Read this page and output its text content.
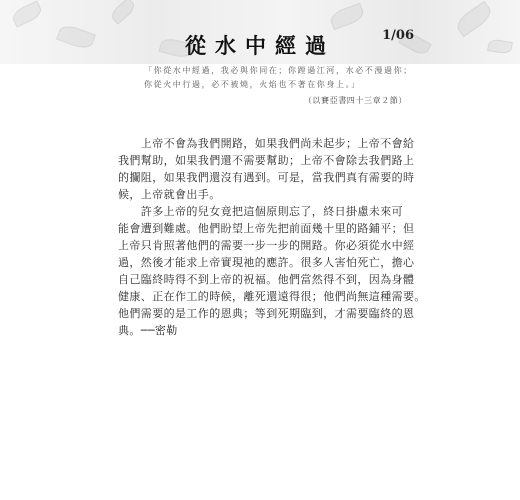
從水中經過	1/06
「你從水中經過，我必與你同在；你蹚過江河，水必不漫過你；
你從火中行過，必不被燒，火焰也不著在你身上。」
（以賽亞書四十三章２節）
　　上帝不會為我們開路，如果我們尚未起步；上帝不會給
我們幫助，如果我們還不需要幫助；上帝不會除去我們路上
的攔阻，如果我們還沒有遇到。可是，當我們真有需要的時
候，上帝就會出手。
　　許多上帝的兒女竟把這個原則忘了，終日掛慮未來可
能會遭到難處。他們盼望上帝先把前面幾十里的路鋪平；但
上帝只肯照著他們的需要一步一步的開路。你必須從水中經
過，然後才能求上帝實現祂的應許。很多人害怕死亡，擔心
自己臨終時得不到上帝的祝福。他們當然得不到，因為身體
健康、正在作工的時候，離死還遠得很；他們尚無這種需要。
他們需要的是工作的恩典；等到死期臨到，才需要臨終的恩
典。──密勒
